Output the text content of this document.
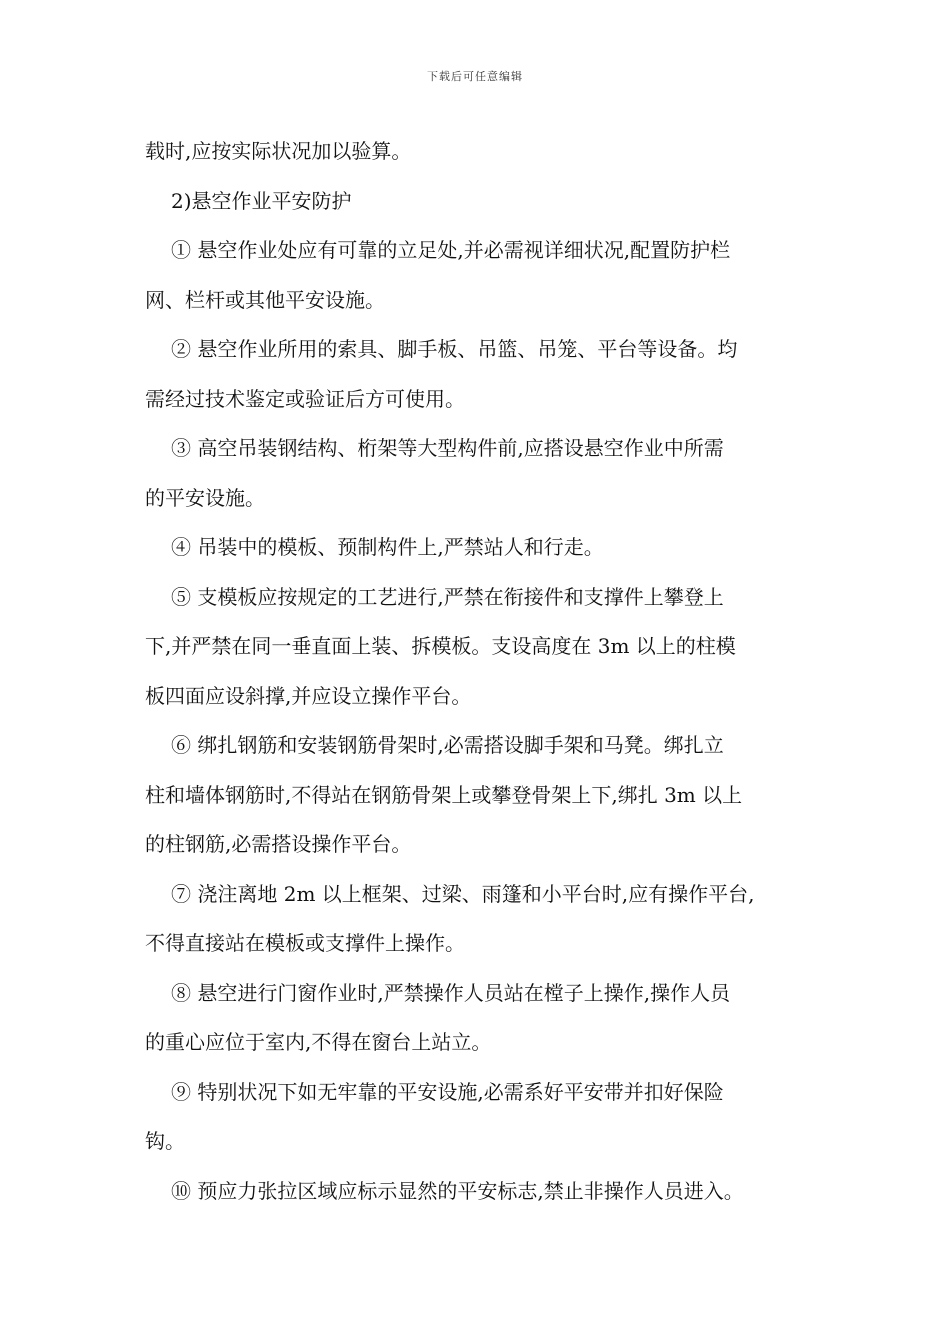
下载后可任意编辑
载时,应按实际状况加以验算。
2)悬空作业平安防护
① 悬空作业处应有可靠的立足处,并必需视详细状况,配置防护栏
网、栏杆或其他平安设施。
② 悬空作业所用的索具、脚手板、吊篮、吊笼、平台等设备。均
需经过技术鉴定或验证后方可使用。
③ 高空吊装钢结构、桁架等大型构件前,应搭设悬空作业中所需
的平安设施。
④ 吊装中的模板、预制构件上,严禁站人和行走。
⑤ 支模板应按规定的工艺进行,严禁在衔接件和支撑件上攀登上
下,并严禁在同一垂直面上装、拆模板。支设高度在 3m 以上的柱模
板四面应设斜撑,并应设立操作平台。
⑥ 绑扎钢筋和安装钢筋骨架时,必需搭设脚手架和马凳。绑扎立
柱和墙体钢筋时,不得站在钢筋骨架上或攀登骨架上下,绑扎 3m 以上
的柱钢筋,必需搭设操作平台。
⑦ 浇注离地 2m 以上框架、过梁、雨篷和小平台时,应有操作平台,
不得直接站在模板或支撑件上操作。
⑧ 悬空进行门窗作业时,严禁操作人员站在樘子上操作,操作人员
的重心应位于室内,不得在窗台上站立。
⑨ 特别状况下如无牢靠的平安设施,必需系好平安带并扣好保险
钩。
⑩ 预应力张拉区域应标示显然的平安标志,禁止非操作人员进入。
